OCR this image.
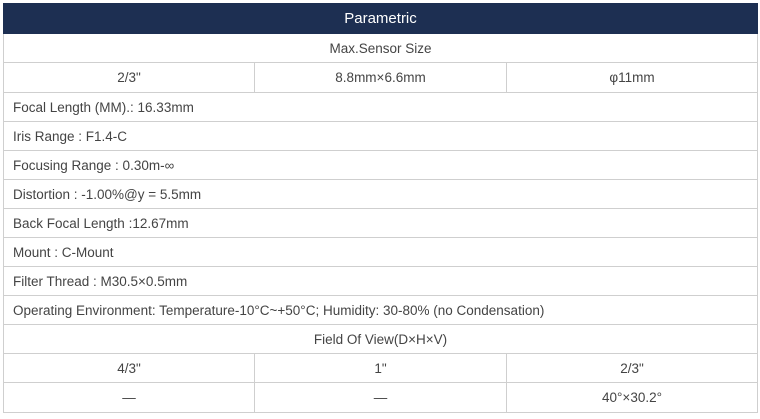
Parametric		
Max.Sensor Size		
2/3"	8.8mm×6.6mm	φ11mm
Focal Length (MM).: 16.33mm		
Iris Range : F1.4-C		
Focusing Range : 0.30m-∞		
Distortion : -1.00%@y = 5.5mm		
Back Focal Length :12.67mm		
Mount : C-Mount		
Filter Thread : M30.5×0.5mm		
Operating Environment: Temperature-10°C~+50°C; Humidity: 30-80% (no Condensation)		
Field Of View(D×H×V)		
4/3"	1"	2/3"
—	—	40°×30.2°
